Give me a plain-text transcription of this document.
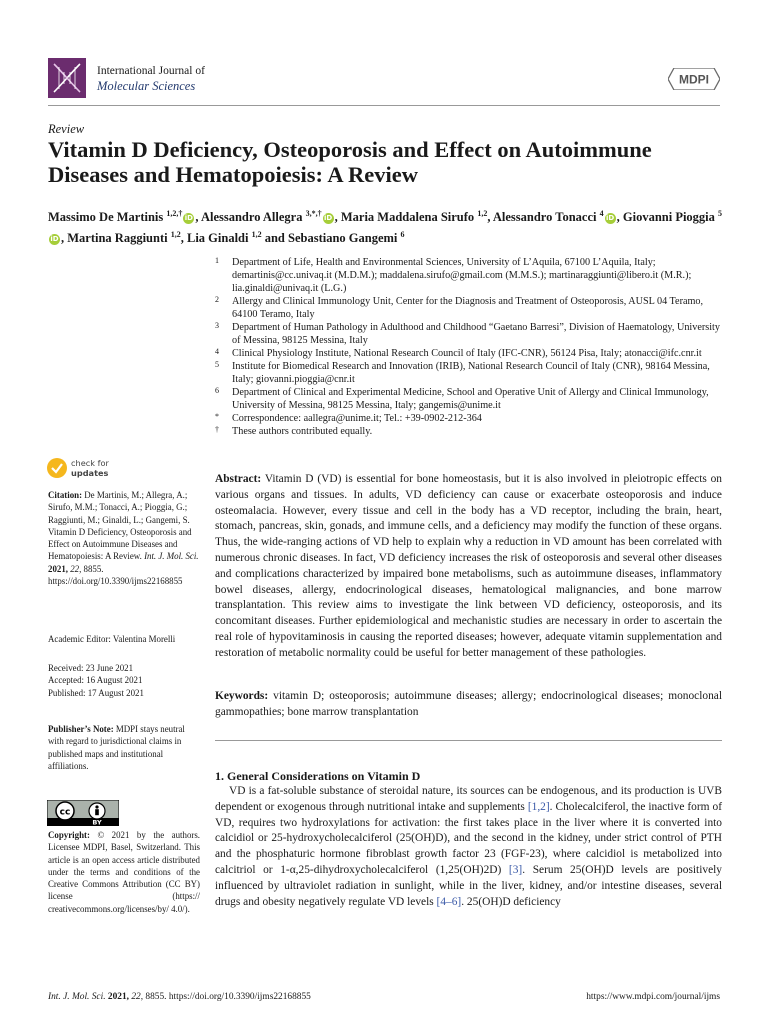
International Journal of
Molecular Sciences	MDPI
Review
Vitamin D Deficiency, Osteoporosis and Effect on Autoimmune Diseases and Hematopoiesis: A Review
Massimo De Martinis $^{1,2,\dagger}$iD , Alessandro Allegra $^{3,*,\dagger}$iD , Maria Maddalena Sirufo $^{1,2}$, Alessandro Tonacci $^4$iD , Giovanni Pioggia $^5$iD , Martina Raggiunti $^{1,2}$, Lia Ginaldi $^{1,2}$ and Sebastiano Gangemi $^6$
1 Department of Life, Health and Environmental Sciences, University of L’Aquila, 67100 L’Aquila, Italy; demartinis@cc.univaq.it (M.D.M.); maddalena.sirufo@gmail.com (M.M.S.); martinaraggiunti@libero.it (M.R.); lia.ginaldi@univaq.it (L.G.)
2 Allergy and Clinical Immunology Unit, Center for the Diagnosis and Treatment of Osteoporosis, AUSL 04 Teramo, 64100 Teramo, Italy
3 Department of Human Pathology in Adulthood and Childhood “Gaetano Barresi”, Division of Haematology, University of Messina, 98125 Messina, Italy
4 Clinical Physiology Institute, National Research Council of Italy (IFC-CNR), 56124 Pisa, Italy; atonacci@ifc.cnr.it
5 Institute for Biomedical Research and Innovation (IRIB), National Research Council of Italy (CNR), 98164 Messina, Italy; giovanni.pioggia@cnr.it
6 Department of Clinical and Experimental Medicine, School and Operative Unit of Allergy and Clinical Immunology, University of Messina, 98125 Messina, Italy; gangemis@unime.it
* Correspondence: aallegra@unime.it; Tel.: +39-0902-212-364
† These authors contributed equally.
check for
updates
Citation: De Martinis, M.; Allegra, A.; Sirufo, M.M.; Tonacci, A.; Pioggia, G.; Raggiunti, M.; Ginaldi, L.; Gangemi, S. Vitamin D Deficiency, Osteoporosis and Effect on Autoimmune Diseases and Hematopoiesis: A Review. Int. J. Mol. Sci. 2021, 22, 8855. https://doi.org/10.3390/ijms22168855
Academic Editor: Valentina Morelli
Received: 23 June 2021
Accepted: 16 August 2021
Published: 17 August 2021
Publisher’s Note: MDPI stays neutral with regard to jurisdictional claims in published maps and institutional affiliations.
cc
BY
Copyright: © 2021 by the authors. Licensee MDPI, Basel, Switzerland. This article is an open access article distributed under the terms and conditions of the Creative Commons Attribution (CC BY) license (https:// creativecommons.org/licenses/by/ 4.0/).

Abstract: Vitamin D (VD) is essential for bone homeostasis, but it is also involved in pleiotropic effects on various organs and tissues. In adults, VD deficiency can cause or exacerbate osteoporosis and induce osteomalacia. However, every tissue and cell in the body has a VD receptor, including the brain, heart, stomach, pancreas, skin, gonads, and immune cells, and a deficiency may modify the function of these organs. Thus, the wide-ranging actions of VD help to explain why a reduction in VD amount has been correlated with numerous chronic diseases. In fact, VD deficiency increases the risk of osteoporosis and several other diseases and complications characterized by impaired bone metabolisms, such as autoimmune diseases, inflammatory bowel diseases, allergy, endocrinological diseases, hematological malignancies, and bone marrow transplantation. This review aims to investigate the link between VD deficiency, osteoporosis, and its concomitant diseases. Further epidemiological and mechanistic studies are necessary in order to ascertain the real role of hypovitaminosis in causing the reported diseases; however, adequate vitamin supplementation and restoration of metabolic normality could be useful for better management of these pathologies.

Keywords: vitamin D; osteoporosis; autoimmune diseases; allergy; endocrinological diseases; monoclonal gammopathies; bone marrow transplantation

1. General Considerations on Vitamin D

VD is a fat-soluble substance of steroidal nature, its sources can be endogenous, and its production is UVB dependent or exogenous through nutritional intake and supplements [1,2]. Cholecalciferol, the inactive form of VD, requires two hydroxylations for activation: the first takes place in the liver where it is converted into calcidiol or 25-hydroxycholecalciferol (25(OH)D), and the second in the kidney, under strict control of PTH and the phosphaturic hormone fibroblast growth factor 23 (FGF-23), where calcidiol is metabolized into calcitriol or 1-α,25-dihydroxycholecalciferol (1,25(OH)2D) [3]. Serum 25(OH)D levels are positively influenced by ultraviolet radiation in sunlight, while in the liver, kidney, and/or intestine diseases, several drugs and obesity negatively regulate VD levels [4–6]. 25(OH)D deficiency

Int. J. Mol. Sci. 2021, 22, 8855. https://doi.org/10.3390/ijms22168855	https://www.mdpi.com/journal/ijms
